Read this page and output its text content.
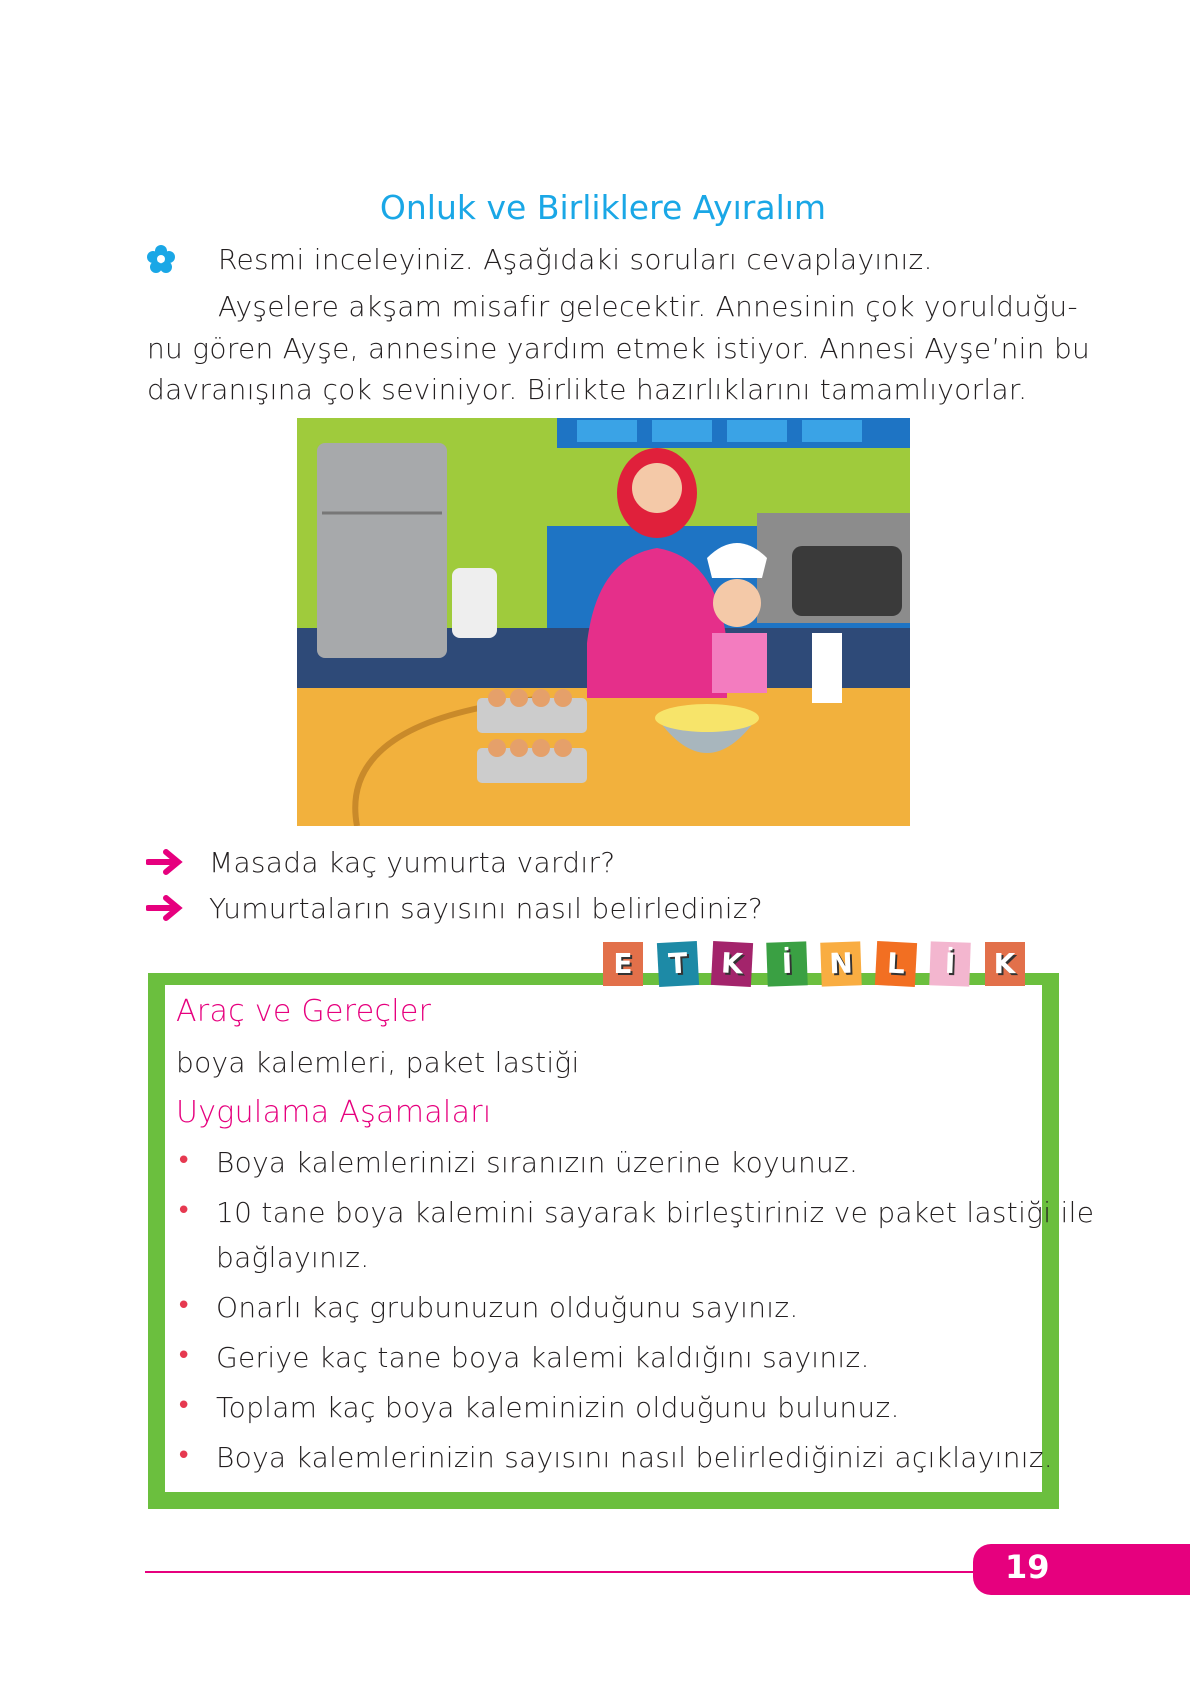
Onluk ve Birliklere Ayıralım
Resmi inceleyiniz. Aşağıdaki soruları cevaplayınız.
Ayşelere akşam misafir gelecektir. Annesinin çok yorulduğu-
nu gören Ayşe, annesine yardım etmek istiyor. Annesi Ayşe’nin bu
davranışına çok seviniyor. Birlikte hazırlıklarını tamamlıyorlar.
Masada kaç yumurta vardır?
Yumurtaların sayısını nasıl belirlediniz?
E	T	K	İ	N	L	İ	K
Araç ve Gereçler
boya kalemleri, paket lastiği
Uygulama Aşamaları
• Boya kalemlerinizi sıranızın üzerine koyunuz.
• 10 tane boya kalemini sayarak birleştiriniz ve paket lastiği ile
bağlayınız.
• Onarlı kaç grubunuzun olduğunu sayınız.
• Geriye kaç tane boya kalemi kaldığını sayınız.
• Toplam kaç boya kaleminizin olduğunu bulunuz.
• Boya kalemlerinizin sayısını nasıl belirlediğinizi açıklayınız.
19
